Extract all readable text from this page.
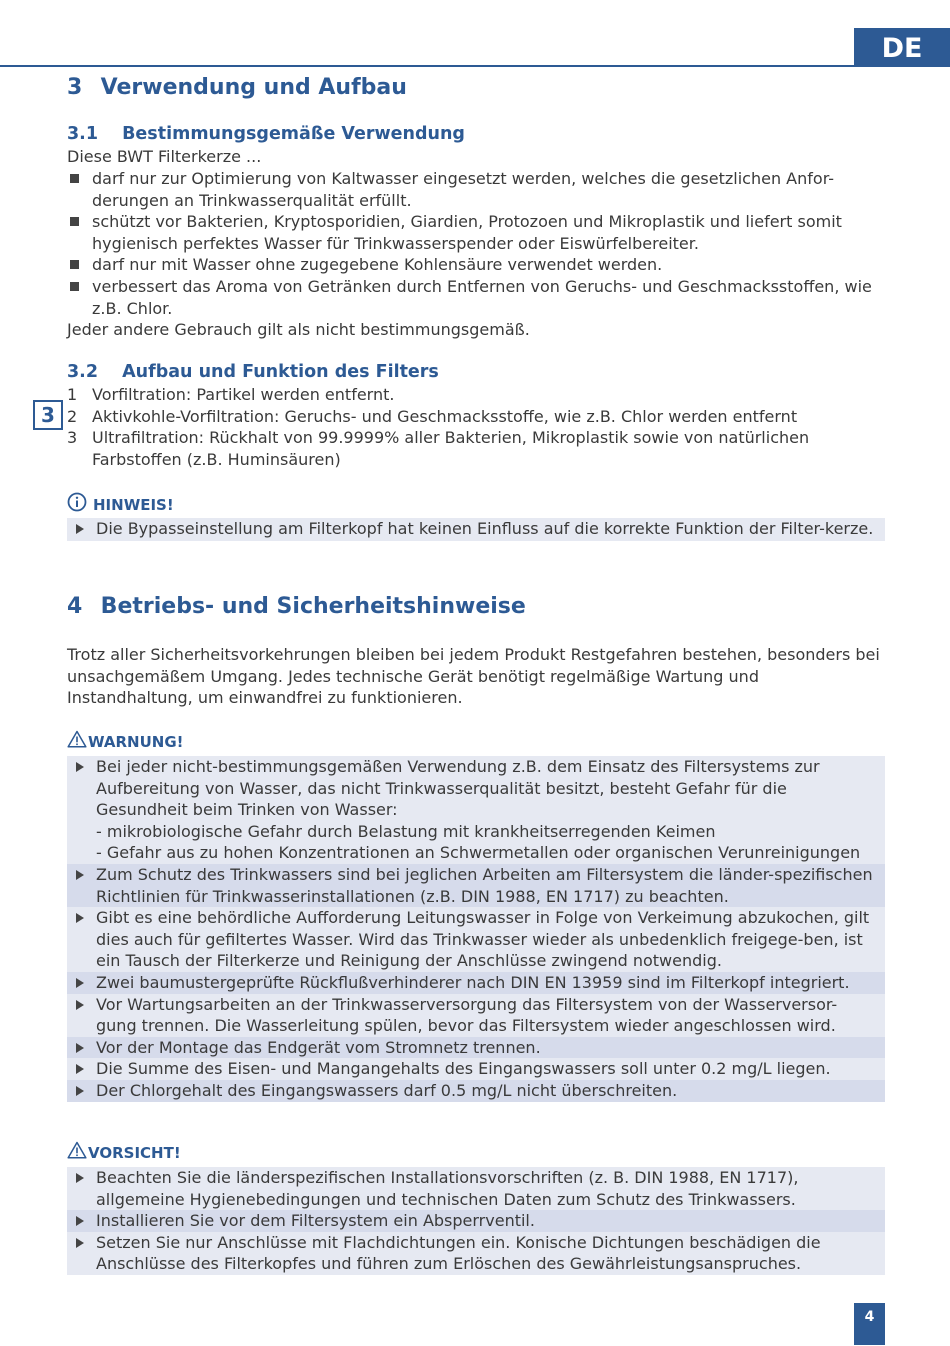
DE
3
3 Verwendung und Aufbau
3.1 Bestimmungsgemäße Verwendung
Diese BWT Filterkerze ...
darf nur zur Optimierung von Kaltwasser eingesetzt werden, welches die gesetzlichen Anfor-derungen an Trinkwasserqualität erfüllt.
schützt vor Bakterien, Kryptosporidien, Giardien, Protozoen und Mikroplastik und liefert somit hygienisch perfektes Wasser für Trinkwasserspender oder Eiswürfelbereiter.
darf nur mit Wasser ohne zugegebene Kohlensäure verwendet werden.
verbessert das Aroma von Getränken durch Entfernen von Geruchs- und Geschmacksstoffen, wie z.B. Chlor.
Jeder andere Gebrauch gilt als nicht bestimmungsgemäß.
3.2 Aufbau und Funktion des Filters
1 Vorfiltration: Partikel werden entfernt.
2 Aktivkohle-Vorfiltration: Geruchs- und Geschmacksstoffe, wie z.B. Chlor werden entfernt
3 Ultrafiltration: Rückhalt von 99.9999% aller Bakterien, Mikroplastik sowie von natürlichen Farbstoffen (z.B. Huminsäuren)
HINWEIS!
Die Bypasseinstellung am Filterkopf hat keinen Einfluss auf die korrekte Funktion der Filter-kerze.
4 Betriebs- und Sicherheitshinweise
Trotz aller Sicherheitsvorkehrungen bleiben bei jedem Produkt Restgefahren bestehen, besonders bei unsachgemäßem Umgang. Jedes technische Gerät benötigt regelmäßige Wartung und Instandhaltung, um einwandfrei zu funktionieren.
WARNUNG!
Bei jeder nicht-bestimmungsgemäßen Verwendung z.B. dem Einsatz des Filtersystems zur Aufbereitung von Wasser, das nicht Trinkwasserqualität besitzt, besteht Gefahr für die Gesundheit beim Trinken von Wasser:
- mikrobiologische Gefahr durch Belastung mit krankheitserregenden Keimen
- Gefahr aus zu hohen Konzentrationen an Schwermetallen oder organischen Verunreinigungen
Zum Schutz des Trinkwassers sind bei jeglichen Arbeiten am Filtersystem die länder-spezifischen Richtlinien für Trinkwasserinstallationen (z.B. DIN 1988, EN 1717) zu beachten.
Gibt es eine behördliche Aufforderung Leitungswasser in Folge von Verkeimung abzukochen, gilt dies auch für gefiltertes Wasser. Wird das Trinkwasser wieder als unbedenklich freigege-ben, ist ein Tausch der Filterkerze und Reinigung der Anschlüsse zwingend notwendig.
Zwei baumustergeprüfte Rückflußverhinderer nach DIN EN 13959 sind im Filterkopf integriert.
Vor Wartungsarbeiten an der Trinkwasserversorgung das Filtersystem von der Wasserversor-gung trennen. Die Wasserleitung spülen, bevor das Filtersystem wieder angeschlossen wird.
Vor der Montage das Endgerät vom Stromnetz trennen.
Die Summe des Eisen- und Mangangehalts des Eingangswassers soll unter 0.2 mg/L liegen.
Der Chlorgehalt des Eingangswassers darf 0.5 mg/L nicht überschreiten.
VORSICHT!
Beachten Sie die länderspezifischen Installationsvorschriften (z. B. DIN 1988, EN 1717), allgemeine Hygienebedingungen und technischen Daten zum Schutz des Trinkwassers.
Installieren Sie vor dem Filtersystem ein Absperrventil.
Setzen Sie nur Anschlüsse mit Flachdichtungen ein. Konische Dichtungen beschädigen die Anschlüsse des Filterkopfes und führen zum Erlöschen des Gewährleistungsanspruches.
4
